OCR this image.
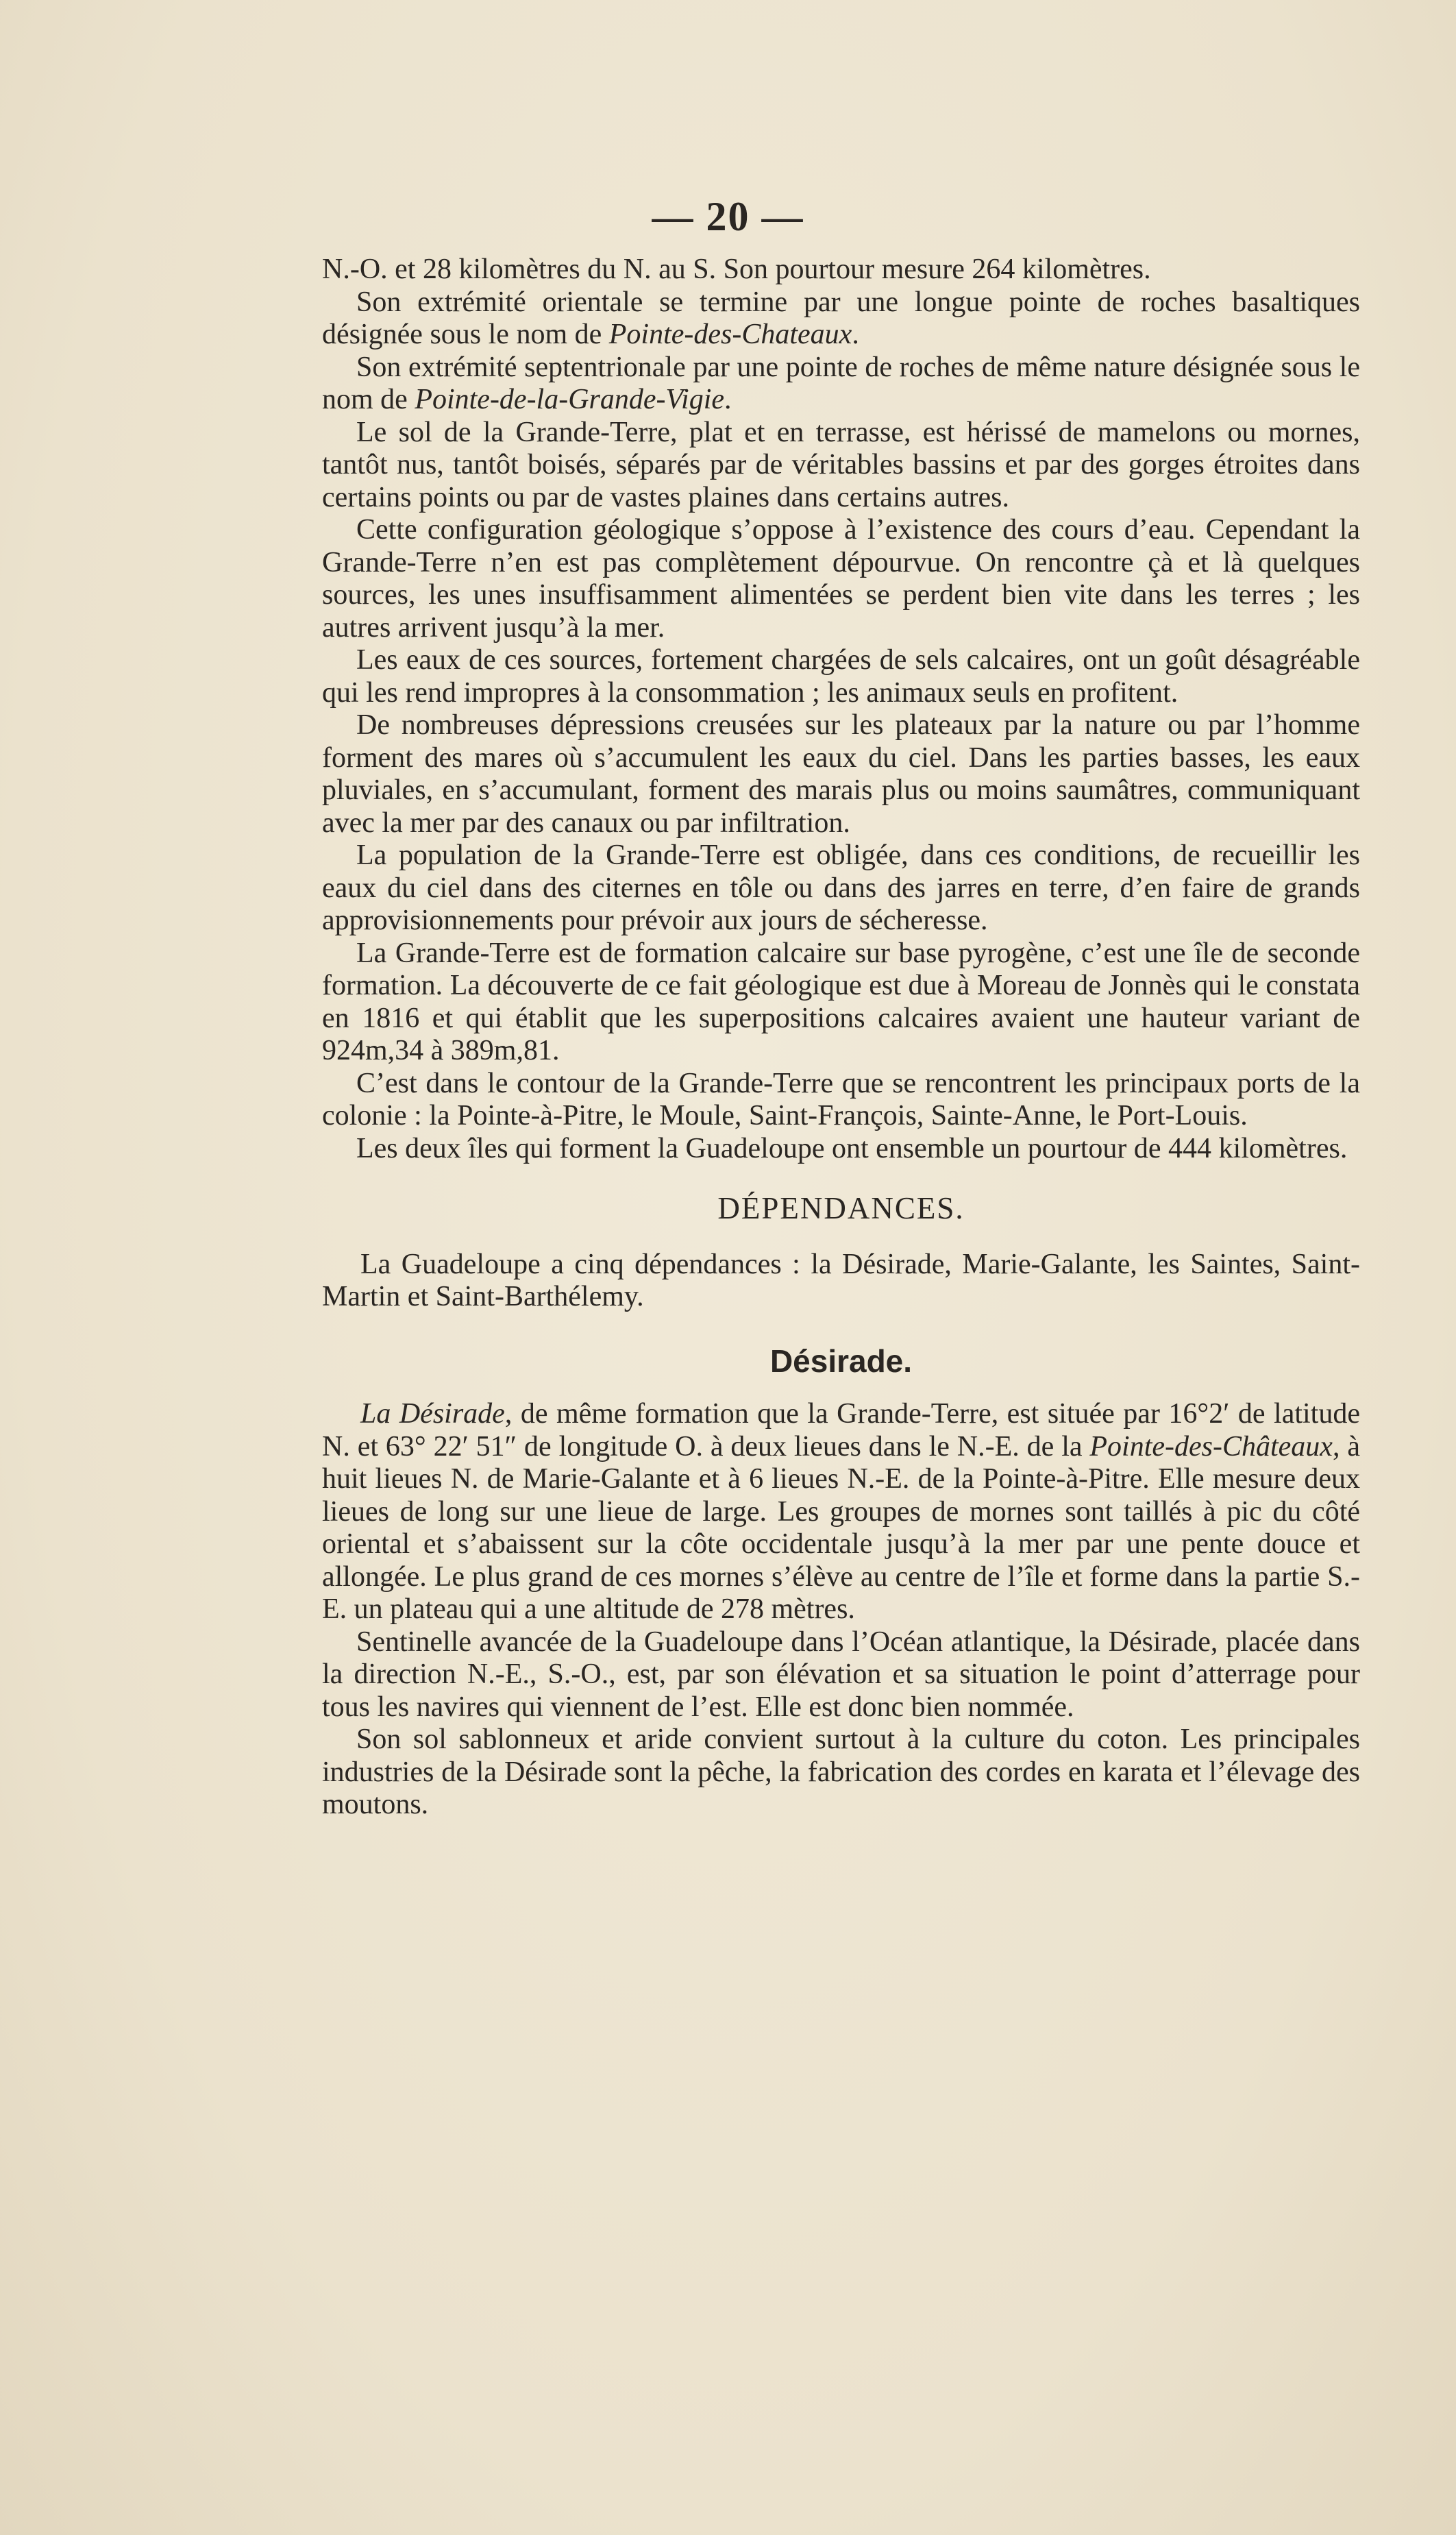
— 20 —

N.-O. et 28 kilomètres du N. au S. Son pourtour mesure 264 kilomètres.

Son extrémité orientale se termine par une longue pointe de roches basaltiques désignée sous le nom de Pointe-des-Chateaux.

Son extrémité septentrionale par une pointe de roches de même nature désignée sous le nom de Pointe-de-la-Grande-Vigie.

Le sol de la Grande-Terre, plat et en terrasse, est hérissé de mamelons ou mornes, tantôt nus, tantôt boisés, séparés par de véritables bassins et par des gorges étroites dans certains points ou par de vastes plaines dans certains autres.

Cette configuration géologique s’oppose à l’existence des cours d’eau. Cependant la Grande-Terre n’en est pas complètement dépourvue. On rencontre çà et là quelques sources, les unes insuffisamment alimentées se perdent bien vite dans les terres ; les autres arrivent jusqu’à la mer.

Les eaux de ces sources, fortement chargées de sels calcaires, ont un goût désagréable qui les rend impropres à la consommation ; les animaux seuls en profitent.

De nombreuses dépressions creusées sur les plateaux par la nature ou par l’homme forment des mares où s’accumulent les eaux du ciel. Dans les parties basses, les eaux pluviales, en s’accumulant, forment des marais plus ou moins saumâtres, communiquant avec la mer par des canaux ou par infiltration.

La population de la Grande-Terre est obligée, dans ces conditions, de recueillir les eaux du ciel dans des citernes en tôle ou dans des jarres en terre, d’en faire de grands approvisionnements pour prévoir aux jours de sécheresse.

La Grande-Terre est de formation calcaire sur base pyrogène, c’est une île de seconde formation. La découverte de ce fait géologique est due à Moreau de Jonnès qui le constata en 1816 et qui établit que les superpositions calcaires avaient une hauteur variant de 924m,34 à 389m,81.

C’est dans le contour de la Grande-Terre que se rencontrent les principaux ports de la colonie : la Pointe-à-Pitre, le Moule, Saint-François, Sainte-Anne, le Port-Louis.

Les deux îles qui forment la Guadeloupe ont ensemble un pourtour de 444 kilomètres.

DÉPENDANCES.

La Guadeloupe a cinq dépendances : la Désirade, Marie-Galante, les Saintes, Saint-Martin et Saint-Barthélemy.

Désirade.

La Désirade, de même formation que la Grande-Terre, est située par 16°2′ de latitude N. et 63° 22′ 51″ de longitude O. à deux lieues dans le N.-E. de la Pointe-des-Châteaux, à huit lieues N. de Marie-Galante et à 6 lieues N.-E. de la Pointe-à-Pitre. Elle mesure deux lieues de long sur une lieue de large. Les groupes de mornes sont taillés à pic du côté oriental et s’abaissent sur la côte occidentale jusqu’à la mer par une pente douce et allongée. Le plus grand de ces mornes s’élève au centre de l’île et forme dans la partie S.-E. un plateau qui a une altitude de 278 mètres.

Sentinelle avancée de la Guadeloupe dans l’Océan atlantique, la Désirade, placée dans la direction N.-E., S.-O., est, par son élévation et sa situation le point d’atterrage pour tous les navires qui viennent de l’est. Elle est donc bien nommée.

Son sol sablonneux et aride convient surtout à la culture du coton. Les principales industries de la Désirade sont la pêche, la fabrication des cordes en karata et l’élevage des moutons.
